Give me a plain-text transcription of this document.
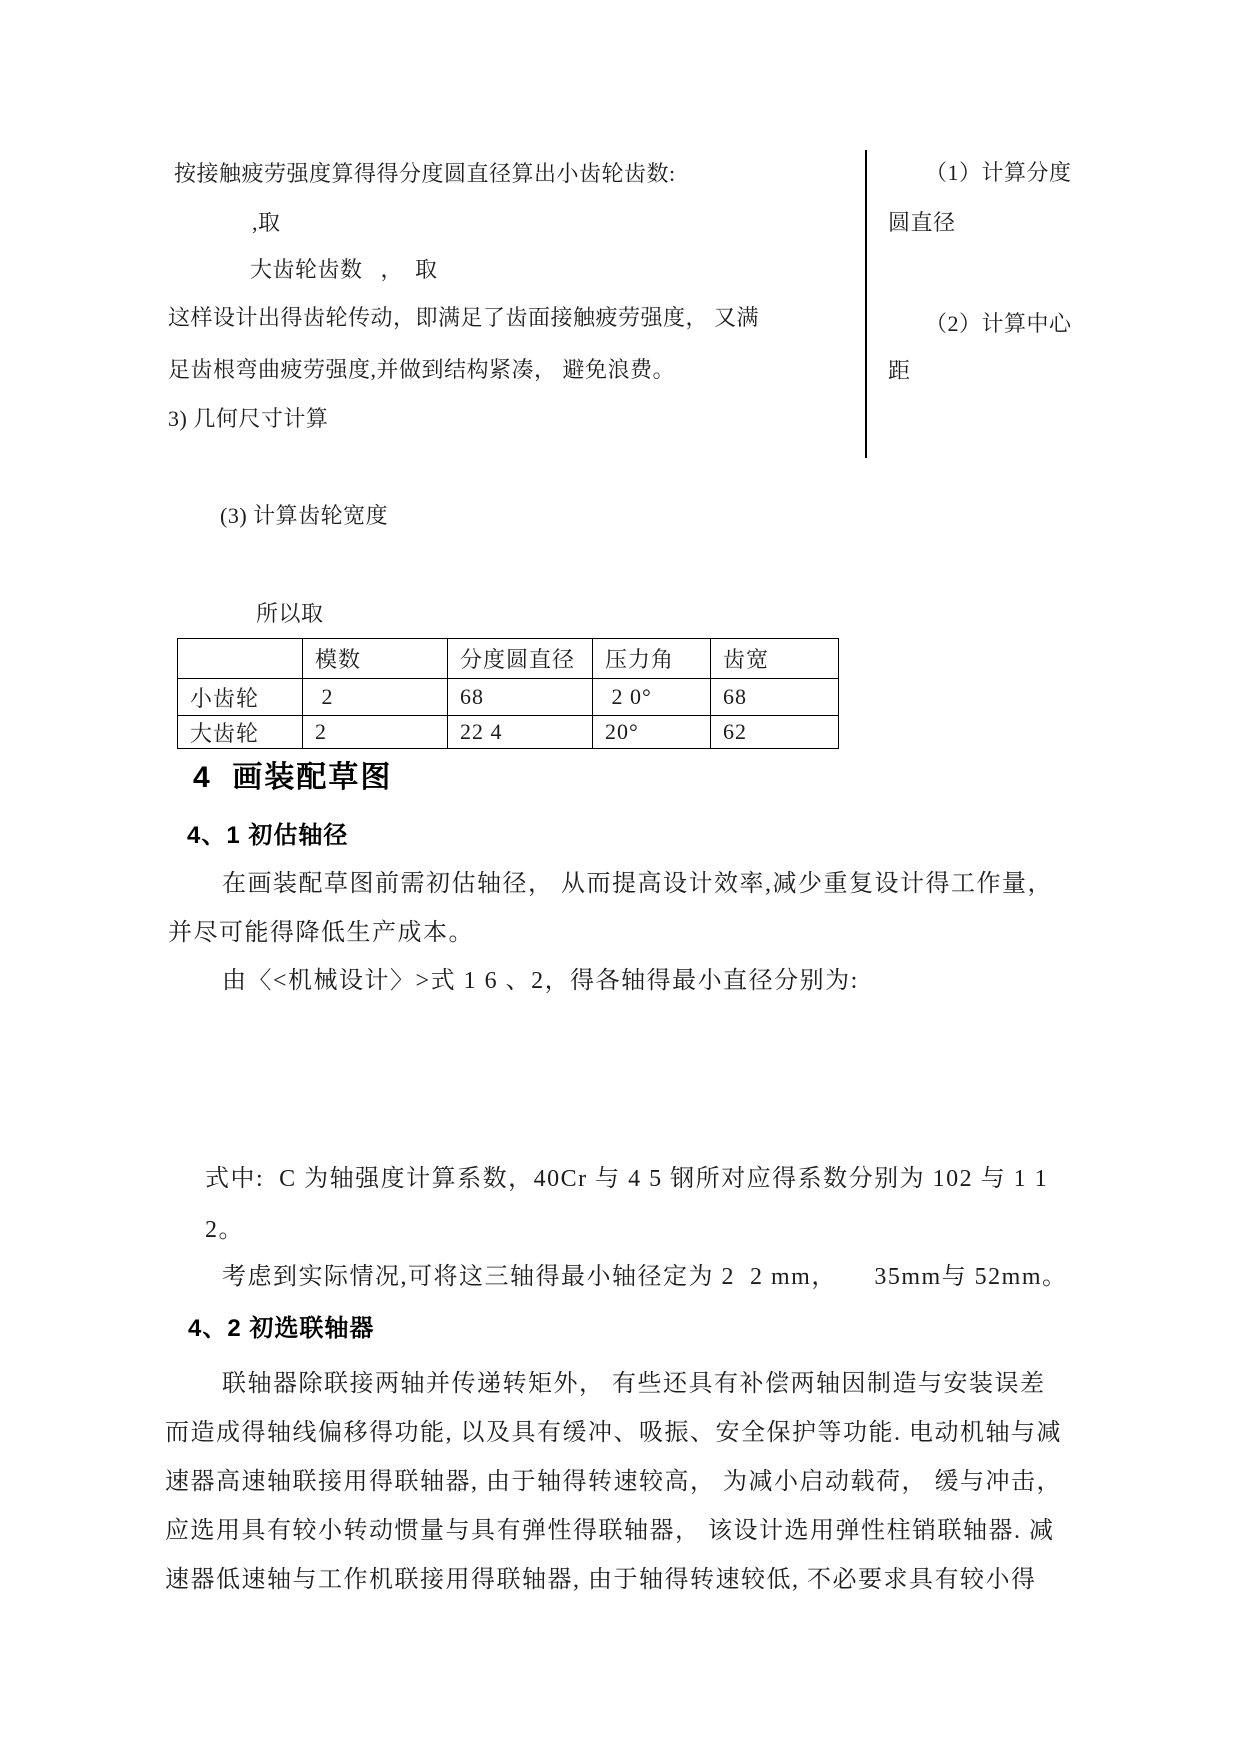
按接触疲劳强度算得得分度圆直径算出小齿轮齿数:
,取
大齿轮齿数   ，  取
这样设计出得齿轮传动，即满足了齿面接触疲劳强度， 又满
足齿根弯曲疲劳强度,并做到结构紧凑， 避免浪费。
3) 几何尺寸计算
(3) 计算齿轮宽度
所以取
（1）计算分度
圆直径
（2）计算中心
距
	模数	分度圆直径	压力角	齿宽
小齿轮	2	68	2 0°	68
大齿轮	2	22 4	20°	62
4  画装配草图
4、1 初估轴径
在画装配草图前需初估轴径， 从而提高设计效率,减少重复设计得工作量，
并尽可能得降低生产成本。
由〈<机械设计〉>式 1 6 、2，得各轴得最小直径分别为:
式中:  C 为轴强度计算系数，40Cr 与 4 5 钢所对应得系数分别为 102 与 1 1
2。
考虑到实际情况,可将这三轴得最小轴径定为 2  2 mm，     35mm与 52mm。
4、2 初选联轴器
联轴器除联接两轴并传递转矩外， 有些还具有补偿两轴因制造与安装误差
而造成得轴线偏移得功能, 以及具有缓冲、吸振、安全保护等功能. 电动机轴与减
速器高速轴联接用得联轴器, 由于轴得转速较高， 为减小启动载荷， 缓与冲击，
应选用具有较小转动惯量与具有弹性得联轴器， 该设计选用弹性柱销联轴器. 减
速器低速轴与工作机联接用得联轴器, 由于轴得转速较低, 不必要求具有较小得
